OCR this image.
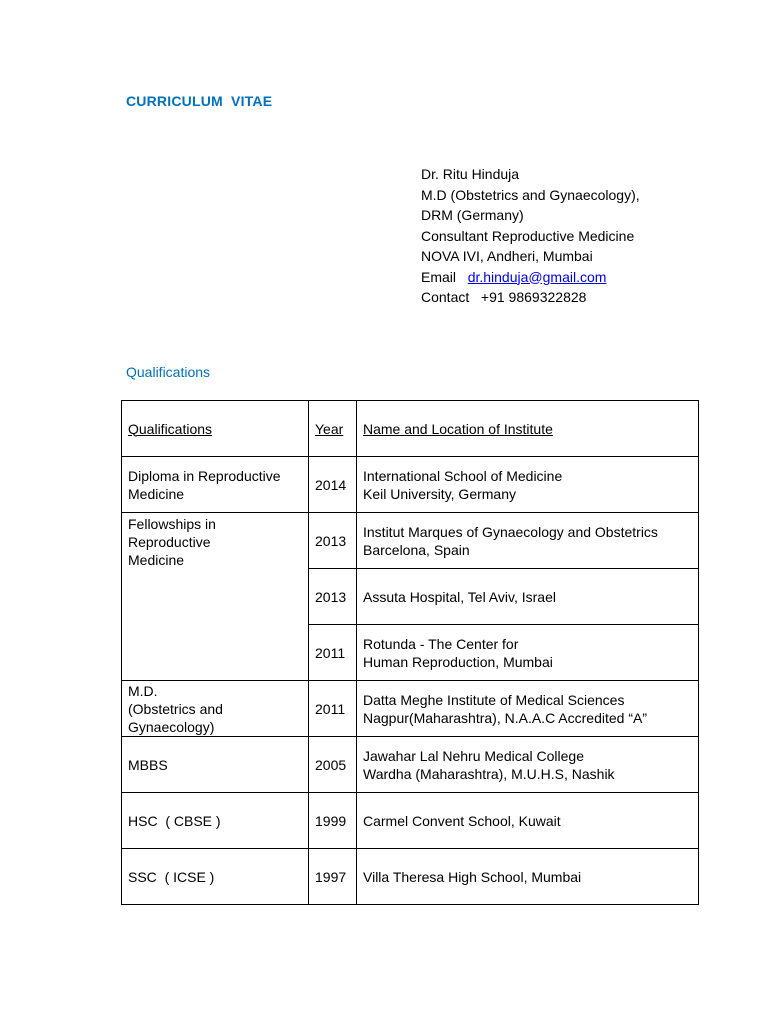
CURRICULUM  VITAE
Dr. Ritu Hinduja
M.D (Obstetrics and Gynaecology),
DRM (Germany)
Consultant Reproductive Medicine
NOVA IVI, Andheri, Mumbai
Email   dr.hinduja@gmail.com
Contact   +91 9869322828
Qualifications
Qualifications	Year	Name and Location of Institute
Diploma in Reproductive
Medicine	2014	International School of Medicine
Keil University, Germany
Fellowships in
Reproductive
Medicine	2013	Institut Marques of Gynaecology and Obstetrics
Barcelona, Spain
	2013	Assuta Hospital, Tel Aviv, Israel
	2011	Rotunda - The Center for
Human Reproduction, Mumbai
M.D.
(Obstetrics and
Gynaecology)	2011	Datta Meghe Institute of Medical Sciences
Nagpur(Maharashtra), N.A.A.C Accredited “A”
MBBS	2005	Jawahar Lal Nehru Medical College
Wardha (Maharashtra), M.U.H.S, Nashik
HSC  ( CBSE )	1999	Carmel Convent School, Kuwait
SSC  ( ICSE )	1997	Villa Theresa High School, Mumbai
